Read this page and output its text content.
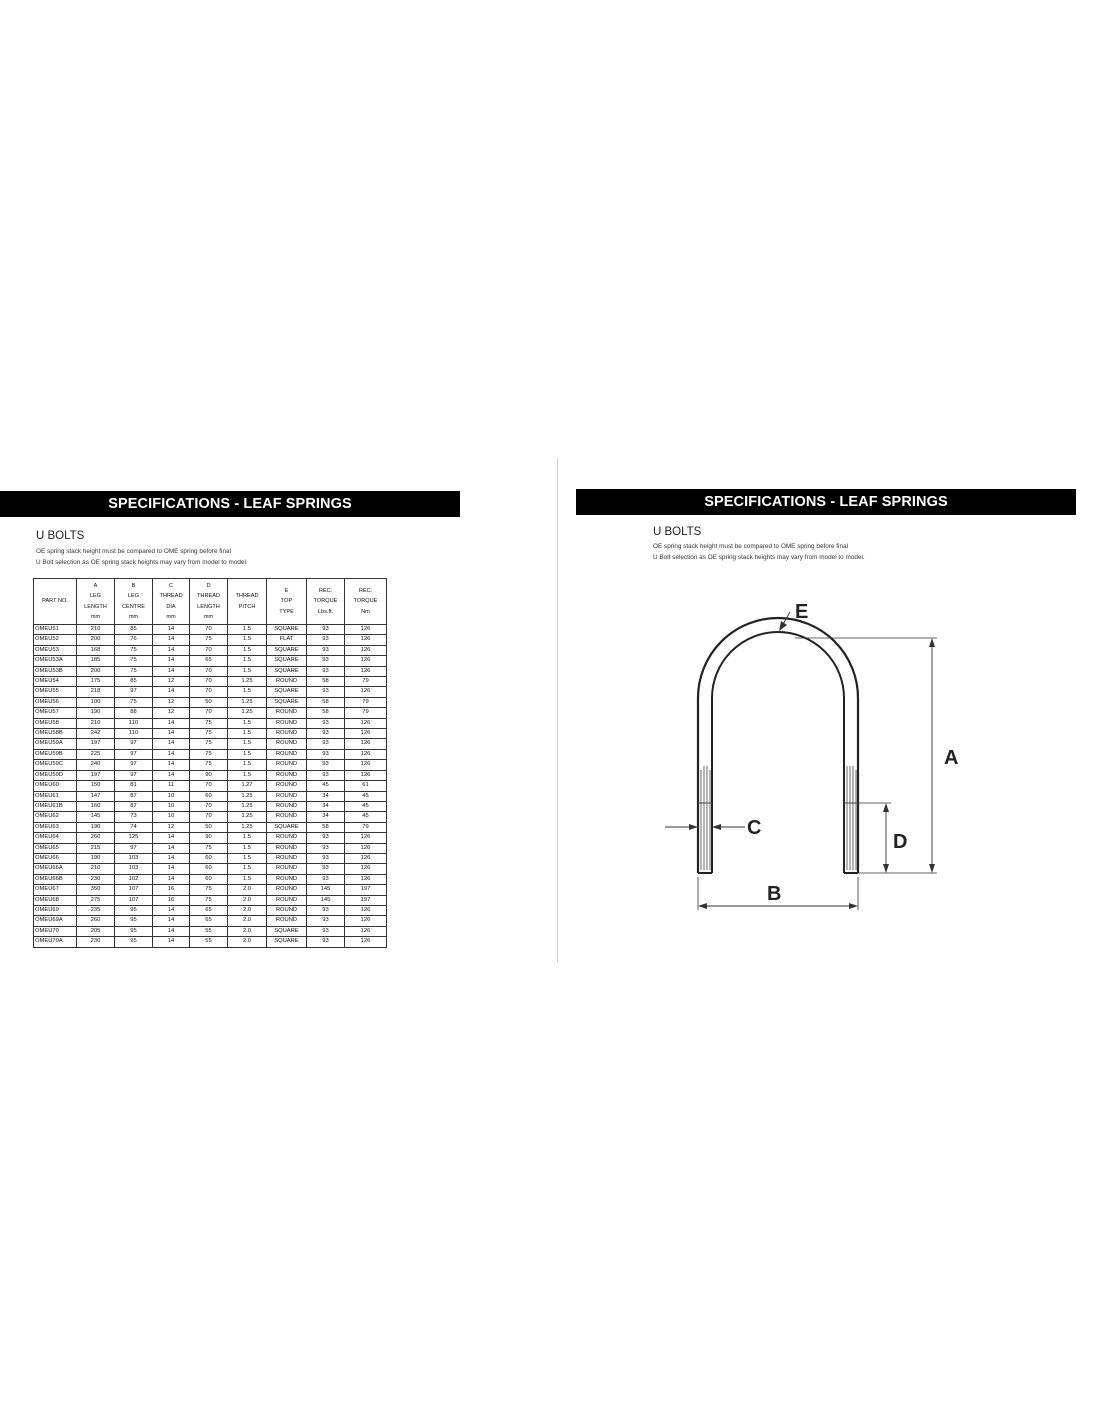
SPECIFICATIONS - LEAF SPRINGS
U BOLTS
OE spring stack height must be compared to OME spring before final
U Bolt selection as OE spring stack heights may vary from model to model.
PART NO.	A
LEG
LENGTH
mm	B
LEG
CENTRE
mm	C
THREAD
DIA
mm	D
THREAD
LENGTH
mm	THREAD
PITCH	E
TOP
TYPE	REC.
TORQUE
Lbs.ft.	REC.
TORQUE
Nm

OMEU51	210	85	14	70	1.5	SQUARE	93	126
OMEU52	200	76	14	75	1.5	FLAT	93	126
OMEU53	168	75	14	70	1.5	SQUARE	93	126
OMEU53A	185	75	14	65	1.5	SQUARE	93	126
OMEU53B	200	75	14	70	1.5	SQUARE	93	126
OMEU54	175	85	12	70	1.25	ROUND	58	79
OMEU55	218	97	14	70	1.5	SQUARE	93	126
OMEU56	100	75	12	50	1.25	SQUARE	58	79
OMEU57	190	88	12	70	1.25	ROUND	58	79
OMEU58	210	110	14	75	1.5	ROUND	93	126
OMEU58B	242	110	14	75	1.5	ROUND	93	126
OMEU59A	197	97	14	75	1.5	ROUND	93	126
OMEU59B	225	97	14	75	1.5	ROUND	93	126
OMEU59C	240	97	14	75	1.5	ROUND	93	126
OMEU59D	197	97	14	90	1.5	ROUND	93	126
OMEU60	150	81	11	70	1.27	ROUND	45	61
OMEU61	147	87	10	60	1.25	ROUND	34	45
OMEU61B	160	87	10	70	1.25	ROUND	34	45
OMEU62	145	73	10	70	1.25	ROUND	34	45
OMEU63	190	74	12	50	1.25	SQUARE	58	79
OMEU64	260	125	14	90	1.5	ROUND	93	126
OMEU65	215	97	14	75	1.5	ROUND	93	126
OMEU66	190	103	14	60	1.5	ROUND	93	126
OMEU66A	210	103	14	60	1.5	ROUND	93	126
OMEU66B	230	102	14	60	1.5	ROUND	93	126
OMEU67	350	107	16	75	2.0	ROUND	145	197
OMEU68	275	107	16	75	2.0	ROUND	145	197
OMEU69	235	95	14	65	2.0	ROUND	93	126
OMEU69A	260	95	14	65	2.0	ROUND	93	126
OMEU70	205	95	14	55	2.0	SQUARE	93	126
OMEU70A	230	95	14	55	2.0	SQUARE	93	126
SPECIFICATIONS - LEAF SPRINGS
U BOLTS
OE spring stack height must be compared to OME spring before final
U Bolt selection as OE spring stack heights may vary from model to model.
A
B
C
D
E
